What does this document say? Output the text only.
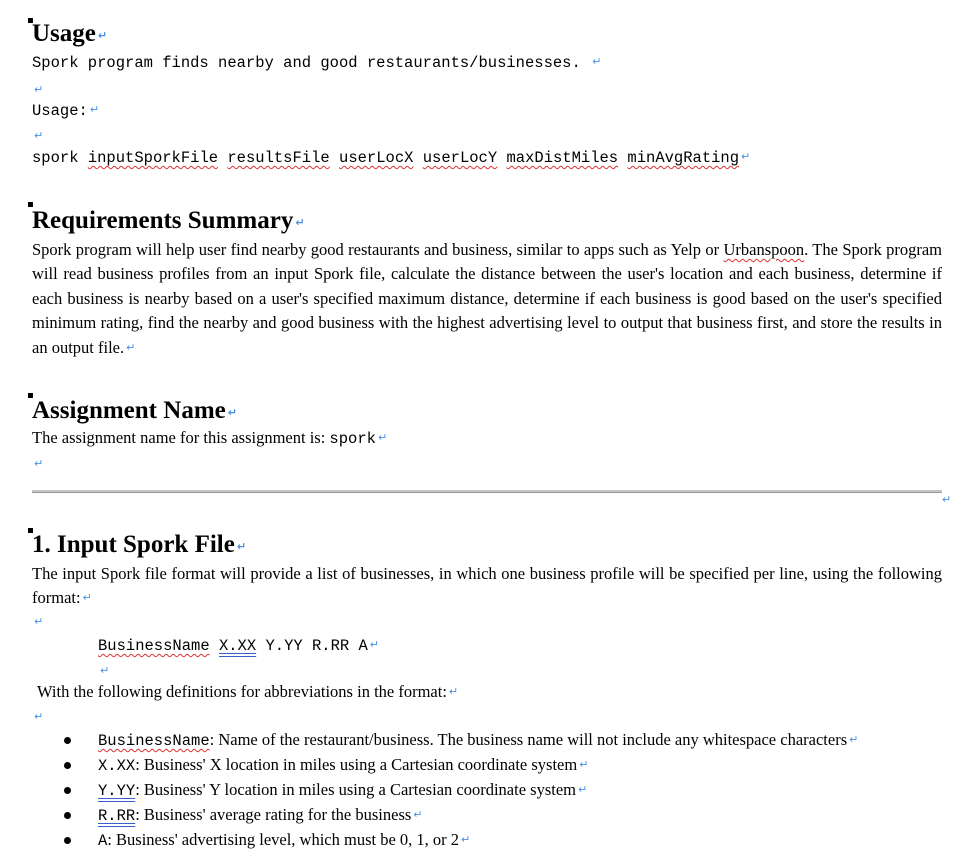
Usage ↵
Spork program finds nearby and good restaurants/businesses. ↵
↵
Usage: ↵
↵
spork inputSporkFile resultsFile userLocX userLocY maxDistMiles minAvgRating ↵
Requirements Summary ↵
Spork program will help user find nearby good restaurants and business, similar to apps such as Yelp or Urbanspoon. The Spork program will read business profiles from an input Spork file, calculate the distance between the user's location and each business, determine if each business is nearby based on a user's specified maximum distance, determine if each business is good based on the user's specified minimum rating, find the nearby and good business with the highest advertising level to output that business first, and store the results in an output file. ↵
Assignment Name ↵
The assignment name for this assignment is: spork ↵
↵
↵
1. Input Spork File ↵
The input Spork file format will provide a list of businesses, in which one business profile will be specified per line, using the following format: ↵
↵
BusinessName X.XX Y.YY R.RR A ↵
↵
With the following definitions for abbreviations in the format: ↵
↵
BusinessName: Name of the restaurant/business. The business name will not include any whitespace characters ↵
X.XX: Business' X location in miles using a Cartesian coordinate system ↵
Y.YY: Business' Y location in miles using a Cartesian coordinate system ↵
R.RR: Business' average rating for the business ↵
A: Business' advertising level, which must be 0, 1, or 2 ↵
